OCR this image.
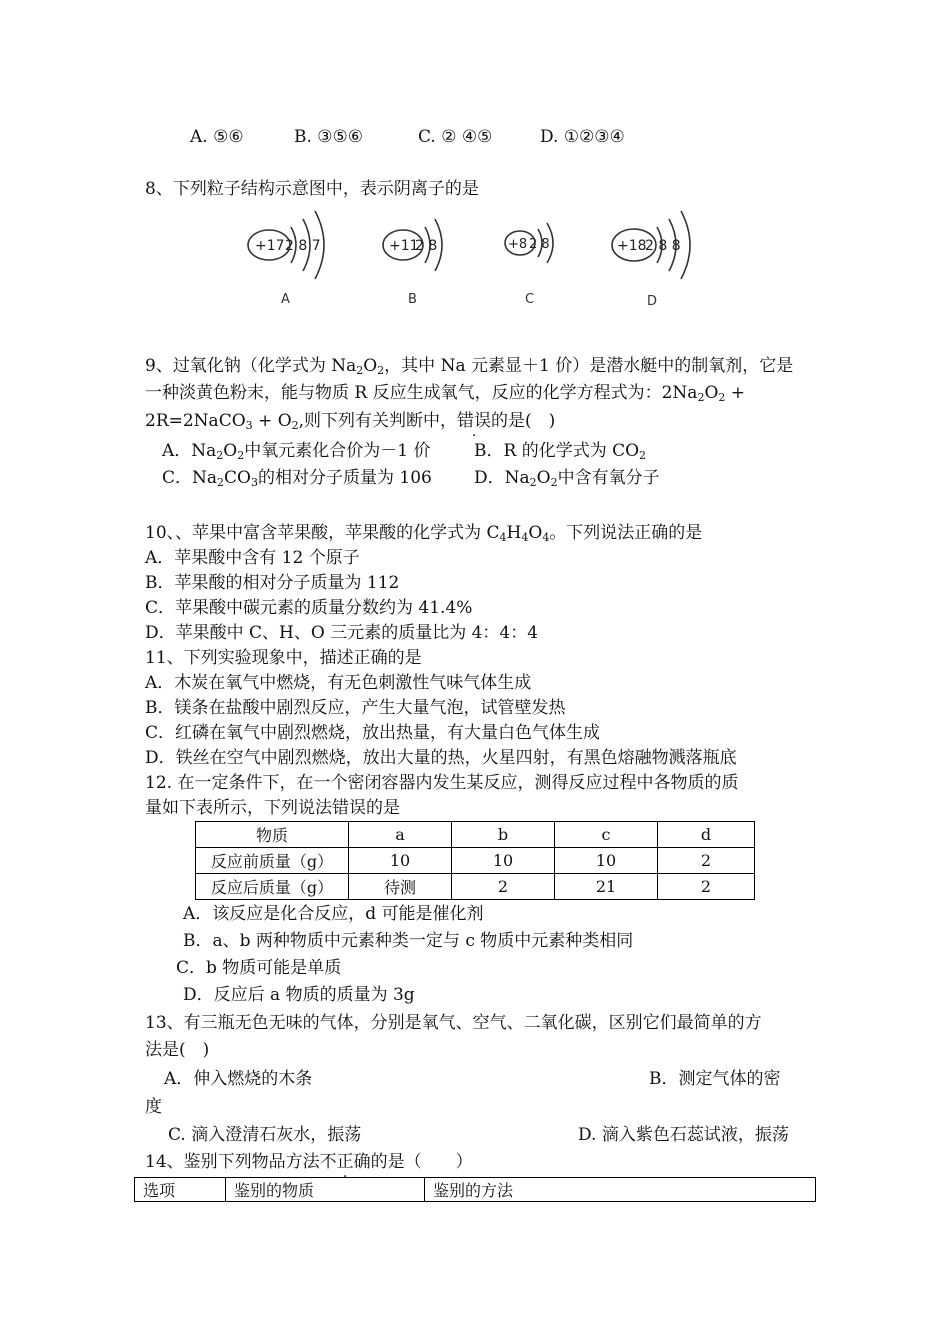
A. ⑤⑥	B. ③⑤⑥	C. ② ④⑤	D. ①②③④
8、下列粒子结构示意图中，表示阴离子的是
+17 2 8 7	+11
2 8	+8 2 8	+18
2 8 8
A	B	C	D
9、过氧化钠（化学式为 $Na_2O_2$，其中 Na 元素显＋1 价）是潜水艇中的制氧剂，它是
一种淡黄色粉末，能与物质 R 反应生成氧气，反应的化学方程式为：$2Na_2O_2$ +
2R=2NaCO$_3$ + $O_2$,则下列有关判断中，错误的是(　)
A．$Na_2O_2$中氧元素化合价为－1 价	B．R 的化学式为 $CO_2$
C．$Na_2CO_3$的相对分子质量为 106 D．$Na_2O_2$中含有氧分子
10、、苹果中富含苹果酸，苹果酸的化学式为 $C_4H_4O_4$。下列说法正确的是
A．苹果酸中含有 12 个原子
B．苹果酸的相对分子质量为 112
C．苹果酸中碳元素的质量分数约为 41.4%
D．苹果酸中 C、H、O 三元素的质量比为 4：4：4
11、下列实验现象中，描述正确的是
A．木炭在氧气中燃烧，有无色刺激性气味气体生成
B．镁条在盐酸中剧烈反应，产生大量气泡，试管壁发热
C．红磷在氧气中剧烈燃烧，放出热量，有大量白色气体生成
D．铁丝在空气中剧烈燃烧，放出大量的热，火星四射，有黑色熔融物溅落瓶底
12. 在一定条件下，在一个密闭容器内发生某反应，测得反应过程中各物质的质
量如下表所示，下列说法错误的是
物质	a	b	c	d
反应前质量（g）	10	10	10	2
反应后质量（g）	待测	2	21	2
A．该反应是化合反应，d 可能是催化剂
B．a、b 两种物质中元素种类一定与 c 物质中元素种类相同
C．b 物质可能是单质
D．反应后 a 物质的质量为 3g
13、有三瓶无色无味的气体，分别是氧气、空气、二氧化碳，区别它们最简单的方
法是(　)
A．伸入燃烧的木条	B．测定气体的密
度
C. 滴入澄清石灰水，振荡	D. 滴入紫色石蕊试液，振荡
14、鉴别下列物品方法不正确的是（　　）
选项	鉴别的物质	鉴别的方法
